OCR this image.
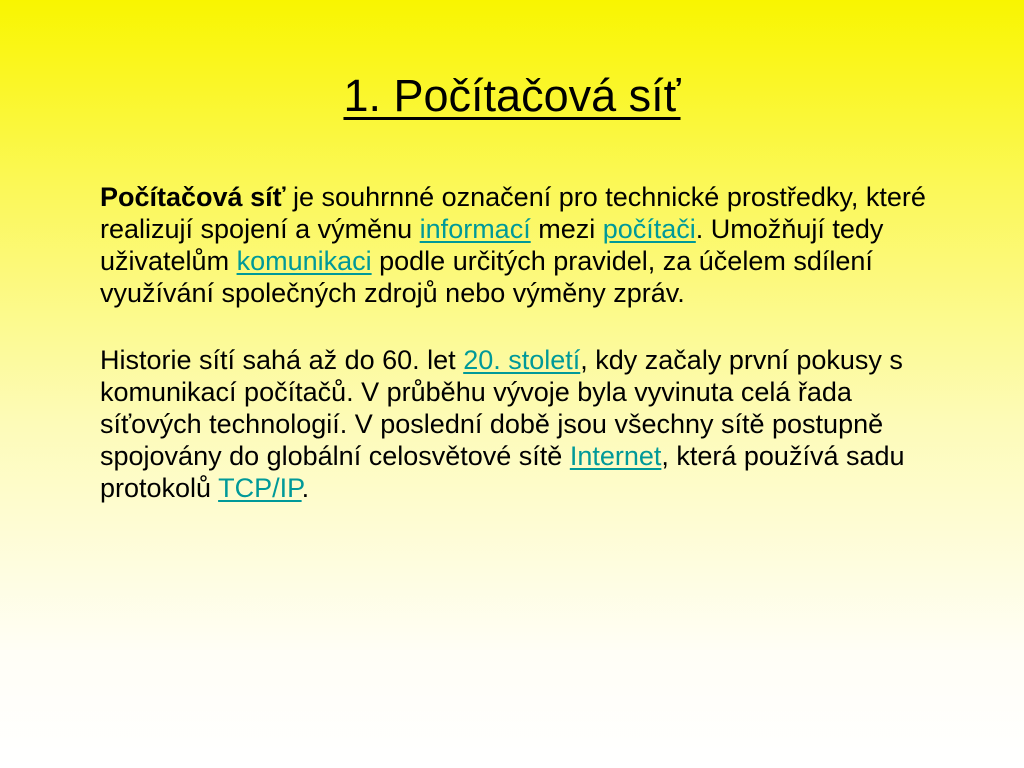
1. Počítačová síť

Počítačová síť je souhrnné označení pro technické prostředky, které realizují spojení a výměnu informací mezi počítači. Umožňují tedy uživatelům komunikaci podle určitých pravidel, za účelem sdílení využívání společných zdrojů nebo výměny zpráv.

Historie sítí sahá až do 60. let 20. století, kdy začaly první pokusy s komunikací počítačů. V průběhu vývoje byla vyvinuta celá řada síťových technologií. V poslední době jsou všechny sítě postupně spojovány do globální celosvětové sítě Internet, která používá sadu protokolů TCP/IP.
